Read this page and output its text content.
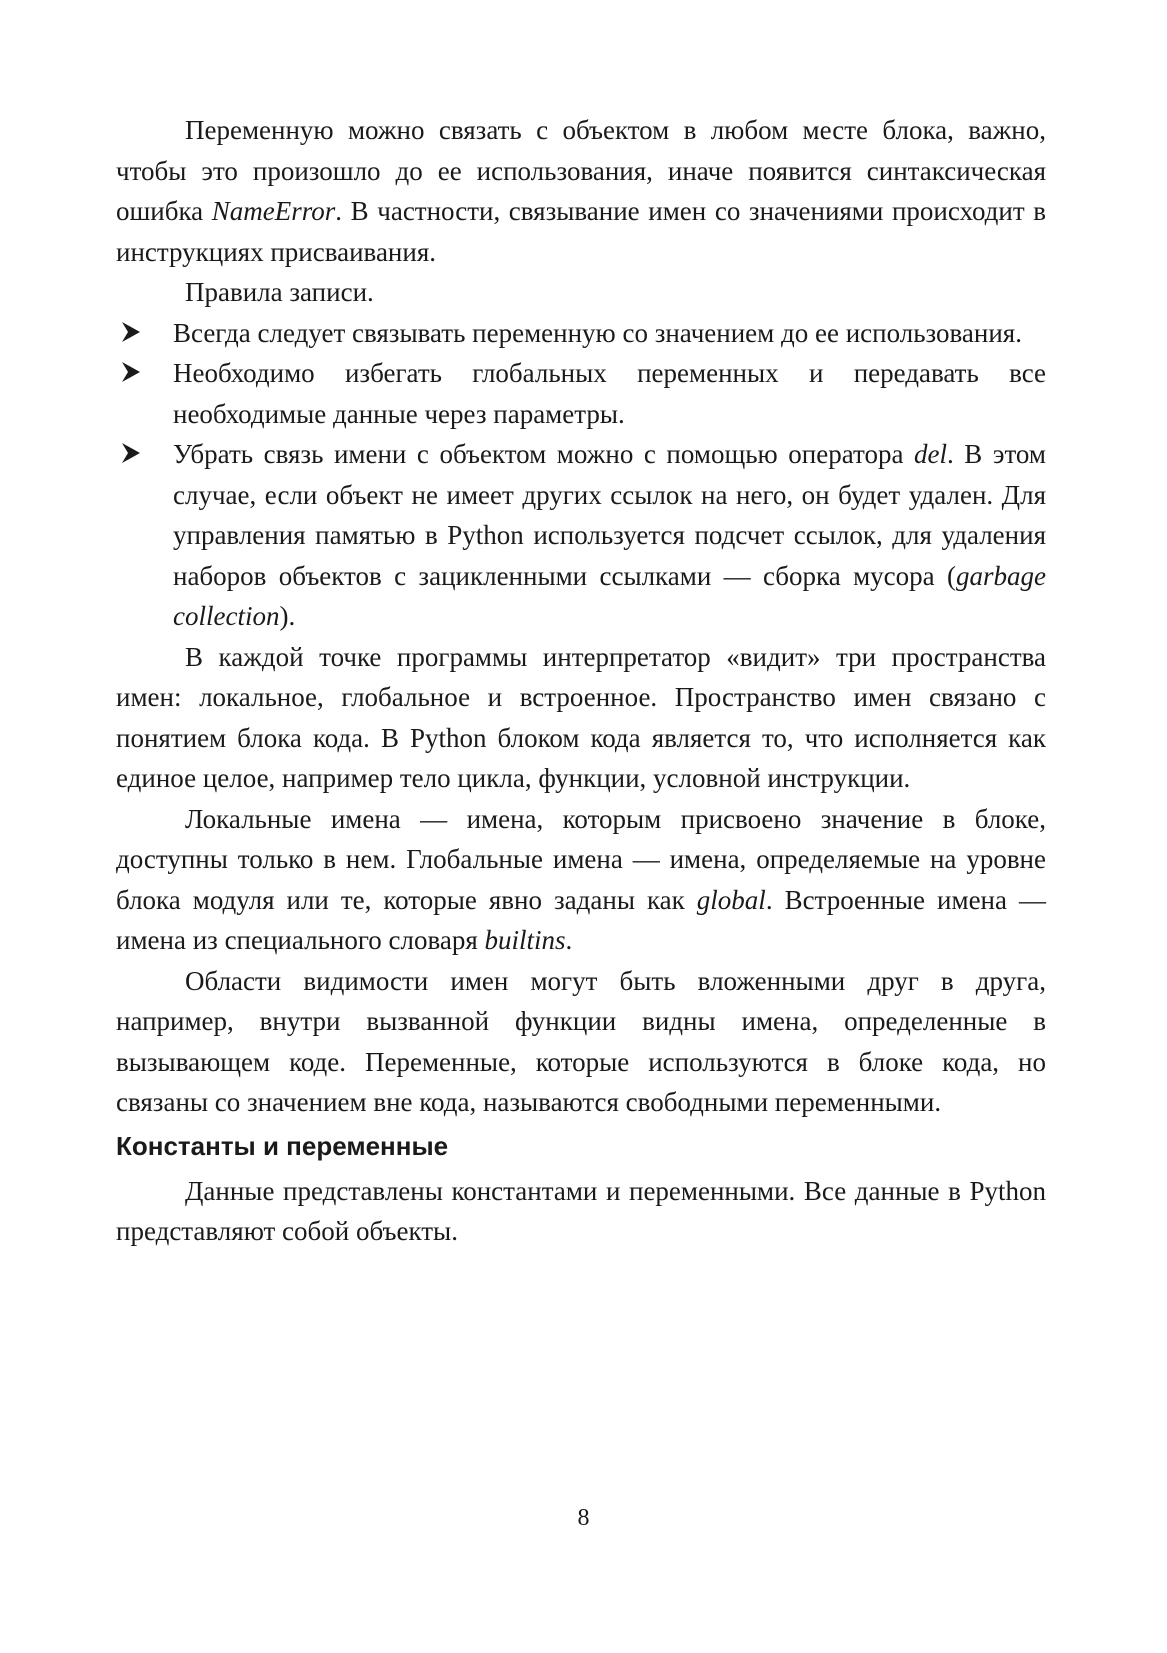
Переменную можно связать с объектом в любом месте блока, важно, чтобы это произошло до ее использования, иначе появится синтаксическая ошибка NameError. В частности, связывание имен со значениями происходит в инструкциях присваивания.

Правила записи.

Всегда следует связывать переменную со значением до ее использования.
Необходимо избегать глобальных переменных и передавать все необходимые данные через параметры.
Убрать связь имени с объектом можно с помощью оператора del. В этом случае, если объект не имеет других ссылок на него, он будет удален. Для управления памятью в Python используется подсчет ссылок, для удаления наборов объектов с зацикленными ссылками — сборка мусора (garbage collection).

В каждой точке программы интерпретатор «видит» три пространства имен: локальное, глобальное и встроенное. Пространство имен связано с понятием блока кода. В Python блоком кода является то, что исполняется как единое целое, например тело цикла, функции, условной инструкции.

Локальные имена — имена, которым присвоено значение в блоке, доступны только в нем. Глобальные имена — имена, определяемые на уровне блока модуля или те, которые явно заданы как global. Встроенные имена — имена из специального словаря builtins.

Области видимости имен могут быть вложенными друг в друга, например, внутри вызванной функции видны имена, определенные в вызывающем коде. Переменные, которые используются в блоке кода, но связаны со значением вне кода, называются свободными переменными.

Константы и переменные

Данные представлены константами и переменными. Все данные в Python представляют собой объекты.

8
